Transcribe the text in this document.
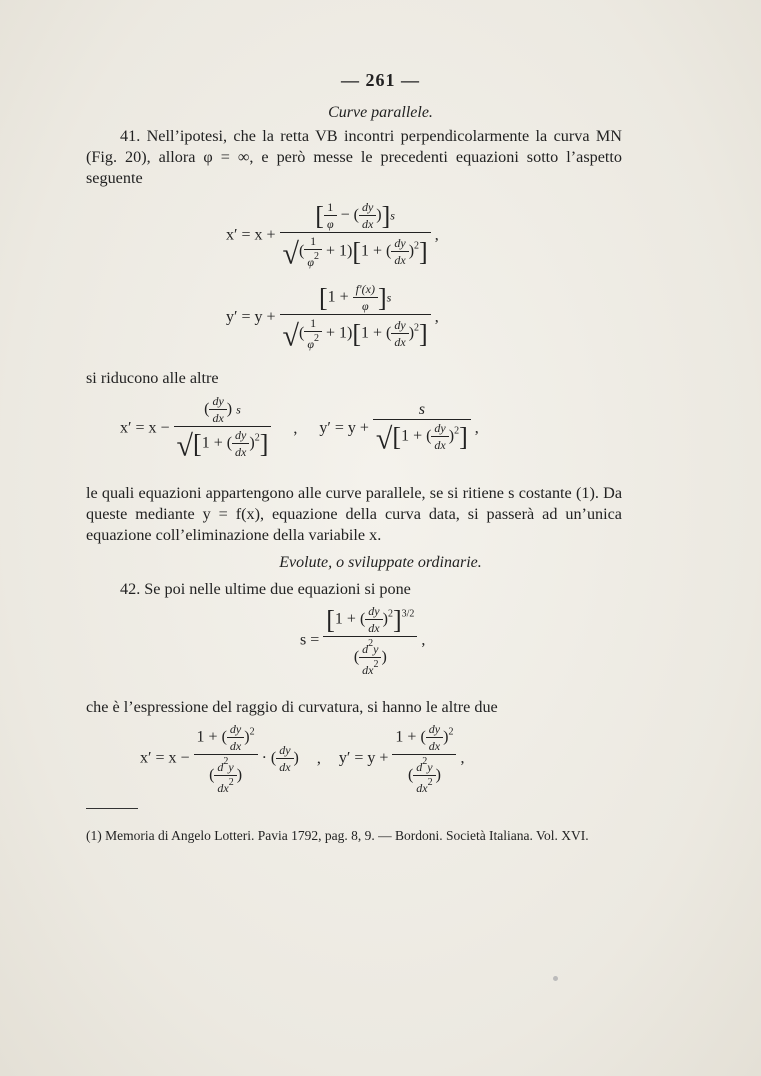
— 261 —
Curve parallele.
41. Nell’ipotesi, che la retta VB incontri perpendicolarmente la curva MN (Fig. 20), allora φ = ∞, e però messe le precedenti equazioni sotto l’aspetto seguente
$x' = x + \frac{[ \frac{1}{\varphi} - ( \frac{dy}{dx} )]s}{√( \frac{1}{\varphi^2} + 1)[1 + ( \frac{dy}{dx} )^2]}$ ,
$y' = y + \frac{[1 + \frac{f'(x)}{\varphi} ]s}{√( \frac{1}{\varphi^2} + 1)[1 + ( \frac{dy}{dx} )^2]}$ ,
si riducono alle altre
$x' = x - \frac{( \frac{dy}{dx} ) s}{√[1 + ( \frac{dy}{dx} )^2]}$ , $y' = y + \frac{s}{√[1 + ( \frac{dy}{dx} )^2]}$ ,
le quali equazioni appartengono alle curve parallele, se si ritiene s costante (1). Da queste mediante y = f(x), equazione della curva data, si passerà ad un’unica equazione coll’eliminazione della variabile x.
Evolute, o sviluppate ordinarie.
42. Se poi nelle ultime due equazioni si pone
$s = \frac{[1 + ( \frac{dy}{dx} )^2]^{3/2}}{( \frac{d^2y}{dx^2} )}$ ,
che è l’espressione del raggio di curvatura, si hanno le altre due
$x' = x - \frac{1 + ( \frac{dy}{dx} )^2}{( \frac{d^2y}{dx^2} )}$ · ( $\frac{dy}{dx}$ ) , $y' = y + \frac{1 + ( \frac{dy}{dx} )^2}{( \frac{d^2y}{dx^2} )}$ ,
(1) Memoria di Angelo Lotteri. Pavia 1792, pag. 8, 9. — Bordoni. Società Italiana. Vol. XVI.
